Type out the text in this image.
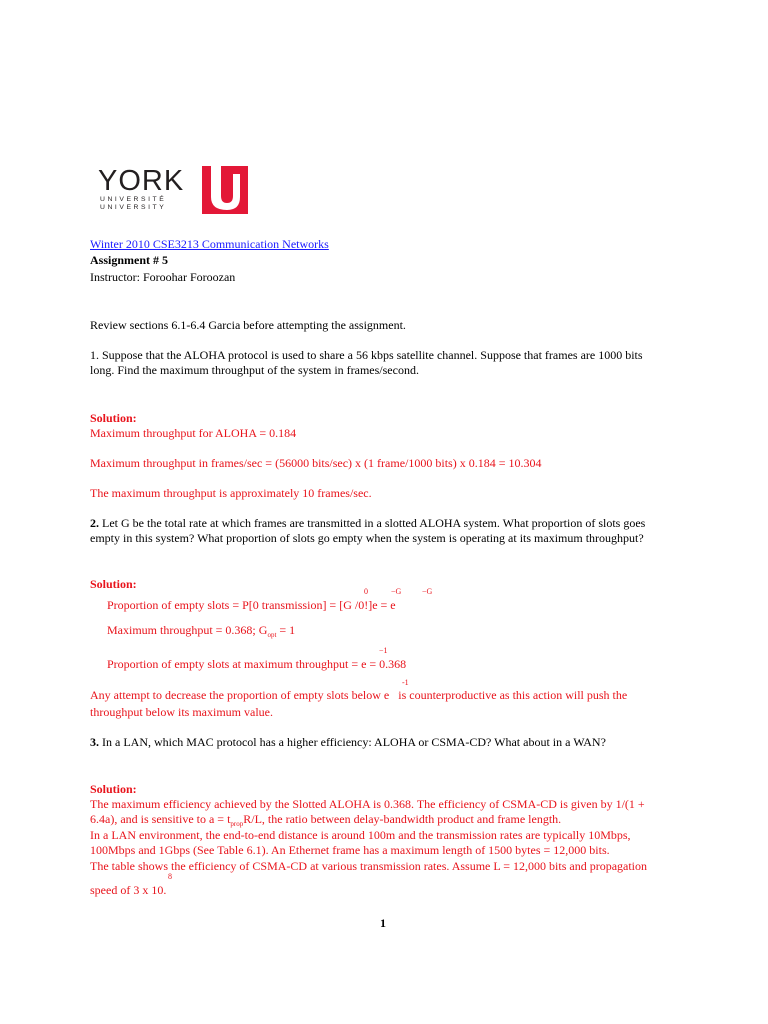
YORK
UNIVERSITÉ
UNIVERSITY
Winter 2010 CSE3213 Communication Networks
Assignment # 5
Instructor: Foroohar Foroozan
Review sections 6.1-6.4 Garcia before attempting the assignment.
1. Suppose that the ALOHA protocol is used to share a 56 kbps satellite channel. Suppose that frames are 1000 bits
long. Find the maximum throughput of the system in frames/second.
Solution:
Maximum throughput for ALOHA = 0.184
Maximum throughput in frames/sec = (56000 bits/sec) x (1 frame/1000 bits) x 0.184 = 10.304
The maximum throughput is approximately 10 frames/sec.
2. Let G be the total rate at which frames are transmitted in a slotted ALOHA system. What proportion of slots goes
empty in this system? What proportion of slots go empty when the system is operating at its maximum throughput?
Solution:
Proportion of empty slots = P[0 transmission] = [G /0!]e = e
0	−G	−G
Maximum throughput = 0.368; $G_{opt} = 1$
Proportion of empty slots at maximum throughput = e = 0.368
−1
Any attempt to decrease the proportion of empty slots below e is counterproductive as this action will push the
-1
throughput below its maximum value.
3. In a LAN, which MAC protocol has a higher efficiency: ALOHA or CSMA-CD? What about in a WAN?
Solution:
The maximum efficiency achieved by the Slotted ALOHA is 0.368. The efficiency of CSMA-CD is given by 1/(1 +
6.4a), and is sensitive to $a = t_{prop}R/L$, the ratio between delay-bandwidth product and frame length.
In a LAN environment, the end-to-end distance is around 100m and the transmission rates are typically 10Mbps,
100Mbps and 1Gbps (See Table 6.1). An Ethernet frame has a maximum length of 1500 bytes = 12,000 bits.
The table shows the efficiency of CSMA-CD at various transmission rates. Assume L = 12,000 bits and propagation
speed of 3 x 10.
8
1
